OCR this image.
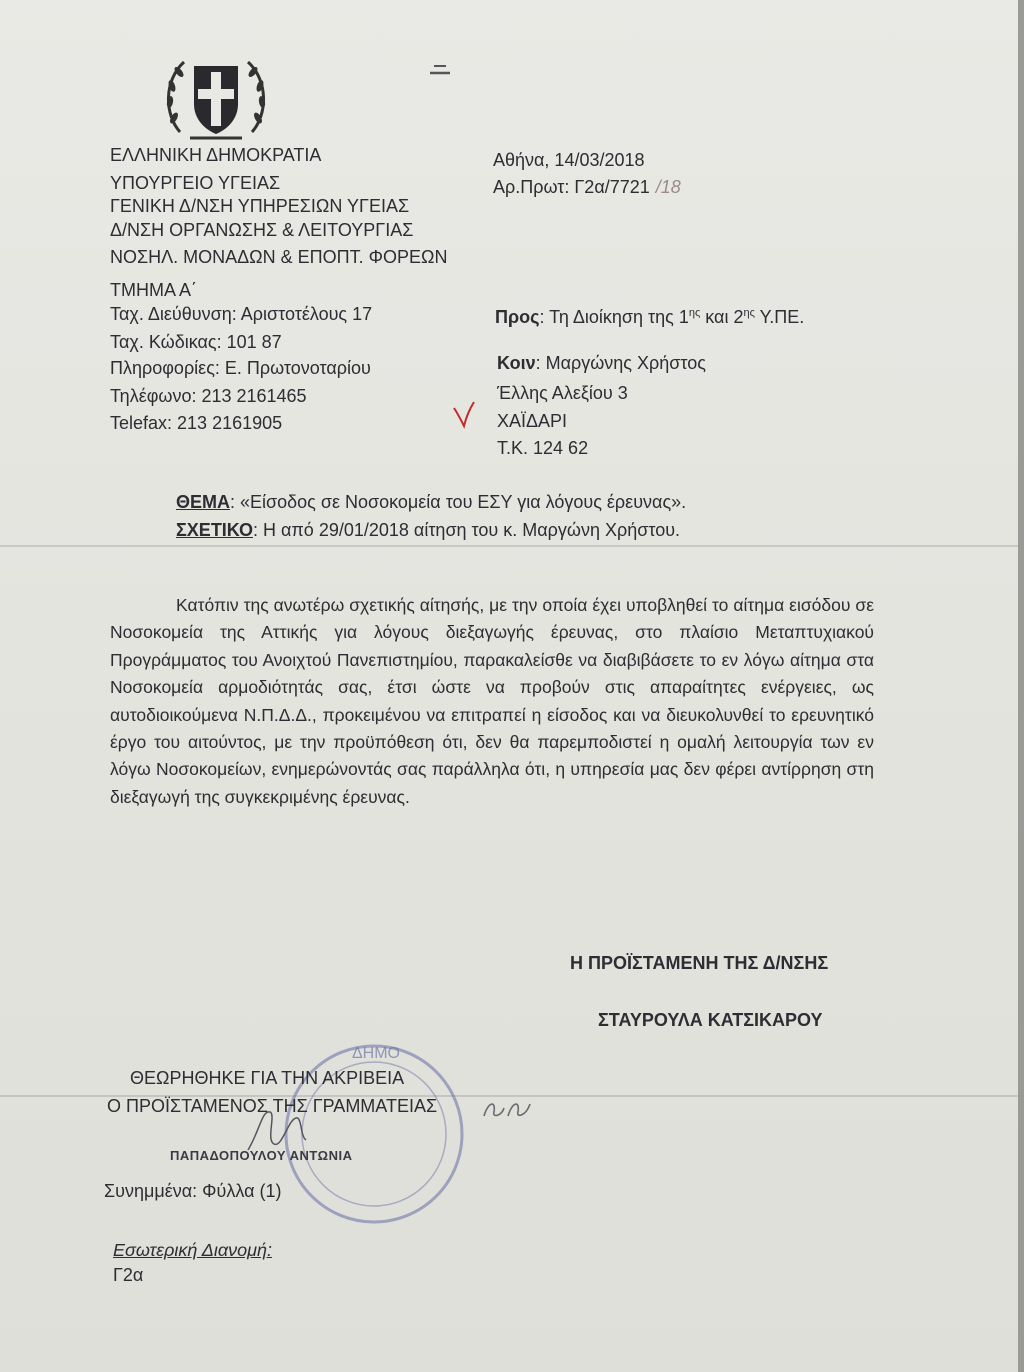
ΕΛΛΗΝΙΚΗ ΔΗΜΟΚΡΑΤΙΑ
ΥΠΟΥΡΓΕΙΟ ΥΓΕΙΑΣ
ΓΕΝΙΚΗ Δ/ΝΣΗ ΥΠΗΡΕΣΙΩΝ ΥΓΕΙΑΣ
Δ/ΝΣΗ ΟΡΓΑΝΩΣΗΣ & ΛΕΙΤΟΥΡΓΙΑΣ
ΝΟΣΗΛ. ΜΟΝΑΔΩΝ & ΕΠΟΠΤ. ΦΟΡΕΩΝ
ΤΜΗΜΑ Α΄
Ταχ. Διεύθυνση: Αριστοτέλους 17
Ταχ. Κώδικας: 101 87
Πληροφορίες: Ε. Πρωτονοταρίου
Τηλέφωνο: 213 2161465
Telefax: 213 2161905
Αθήνα, 14/03/2018
Αρ.Πρωτ: Γ2α/7721 /18
Προς: Τη Διοίκηση της $1^{\eta\varsigma}$ και $2^{\eta\varsigma}$ Υ.ΠΕ.
Κοιν: Μαργώνης Χρήστος
Έλλης Αλεξίου 3
ΧΑΪΔΑΡΙ
Τ.Κ. 124 62
ΘΕΜΑ: «Είσοδος σε Νοσοκομεία του ΕΣΥ για λόγους έρευνας».
ΣΧΕΤΙΚΟ: Η από 29/01/2018 αίτηση του κ. Μαργώνη Χρήστου.

Κατόπιν της ανωτέρω σχετικής αίτησής, με την οποία έχει υποβληθεί το αίτημα εισόδου σε Νοσοκομεία της Αττικής για λόγους διεξαγωγής έρευνας, στο πλαίσιο Μεταπτυχιακού Προγράμματος του Ανοιχτού Πανεπιστημίου, παρακαλείσθε να διαβιβάσετε το εν λόγω αίτημα στα Νοσοκομεία αρμοδιότητάς σας, έτσι ώστε να προβούν στις απαραίτητες ενέργειες, ως αυτοδιοικούμενα Ν.Π.Δ.Δ., προκειμένου να επιτραπεί η είσοδος και να διευκολυνθεί το ερευνητικό έργο του αιτούντος, με την προϋπόθεση ότι, δεν θα παρεμποδιστεί η ομαλή λειτουργία των εν λόγω Νοσοκομείων, ενημερώνοντάς σας παράλληλα ότι, η υπηρεσία μας δεν φέρει αντίρρηση στη διεξαγωγή της συγκεκριμένης έρευνας.

Η ΠΡΟΪΣΤΑΜΕΝΗ ΤΗΣ Δ/ΝΣΗΣ
ΣΤΑΥΡΟΥΛΑ ΚΑΤΣΙΚΑΡΟΥ
ΔΗΜΟ
ΘΕΩΡΗΘΗΚΕ ΓΙΑ ΤΗΝ ΑΚΡΙΒΕΙΑ
Ο ΠΡΟΪΣΤΑΜΕΝΟΣ ΤΗΣ ΓΡΑΜΜΑΤΕΙΑΣ
ΠΑΠΑΔΟΠΟΥΛΟΥ ΑΝΤΩΝΙΑ
Συνημμένα: Φύλλα (1)
Εσωτερική Διανομή:
Γ2α
